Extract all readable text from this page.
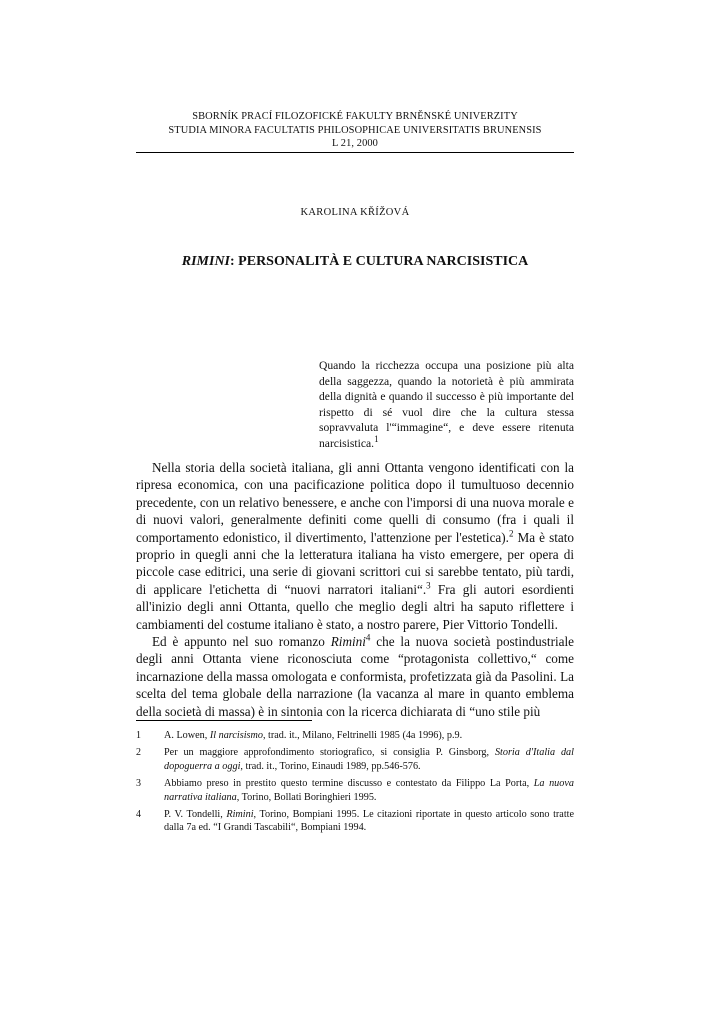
SBORNÍK PRACÍ FILOZOFICKÉ FAKULTY BRNĚNSKÉ UNIVERZITY
STUDIA MINORA FACULTATIS PHILOSOPHICAE UNIVERSITATIS BRUNENSIS
L 21, 2000
KAROLINA KŘÍŽOVÁ
RIMINI: PERSONALITÀ E CULTURA NARCISISTICA
Quando la ricchezza occupa una posizione più alta della saggezza, quando la notorietà è più ammirata della dignità e quando il successo è più importante del rispetto di sé vuol dire che la cultura stessa sopravvaluta l'“immagine“, e deve essere ritenuta narcisistica.$^1$

Nella storia della società italiana, gli anni Ottanta vengono identificati con la ripresa economica, con una pacificazione politica dopo il tumultuoso decennio precedente, con un relativo benessere, e anche con l'imporsi di una nuova morale e di nuovi valori, generalmente definiti come quelli di consumo (fra i quali il comportamento edonistico, il divertimento, l'attenzione per l'estetica).$^2$ Ma è stato proprio in quegli anni che la letteratura italiana ha visto emergere, per opera di piccole case editrici, una serie di giovani scrittori cui si sarebbe tentato, più tardi, di applicare l'etichetta di “nuovi narratori italiani“.$^3$ Fra gli autori esordienti all'inizio degli anni Ottanta, quello che meglio degli altri ha saputo riflettere i cambiamenti del costume italiano è stato, a nostro parere, Pier Vittorio Tondelli.

Ed è appunto nel suo romanzo Rimini$^4$ che la nuova società postindustriale degli anni Ottanta viene riconosciuta come “protagonista collettivo,“ come incarnazione della massa omologata e conformista, profetizzata già da Pasolini. La scelta del tema globale della narrazione (la vacanza al mare in quanto emblema della società di massa) è in sintonia con la ricerca dichiarata di “uno stile più

1	A. Lowen, Il narcisismo, trad. it., Milano, Feltrinelli 1985 (4a 1996), p.9.
2	Per un maggiore approfondimento storiografico, si consiglia P. Ginsborg, Storia d'Italia dal dopoguerra a oggi, trad. it., Torino, Einaudi 1989, pp.546-576.
3	Abbiamo preso in prestito questo termine discusso e contestato da Filippo La Porta, La nuova narrativa italiana, Torino, Bollati Boringhieri 1995.
4	P. V. Tondelli, Rimini, Torino, Bompiani 1995. Le citazioni riportate in questo articolo sono tratte dalla 7a ed. “I Grandi Tascabili“, Bompiani 1994.
